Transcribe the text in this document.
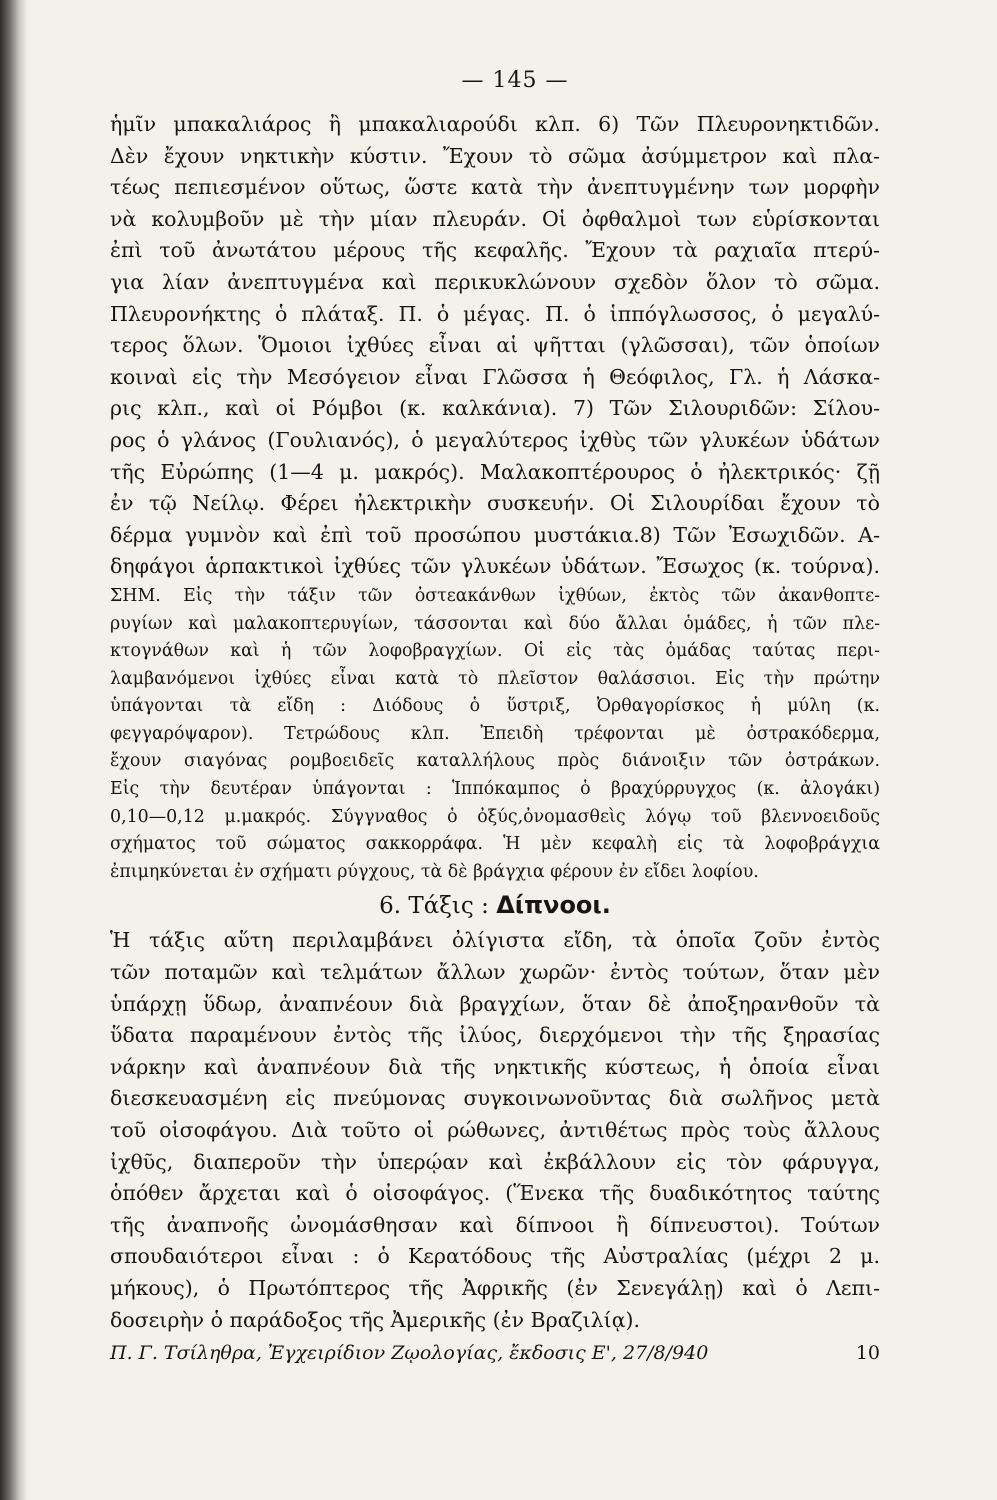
— 145 —
ἡμῖν μπακαλιάρος ἢ μπακαλιαρούδι κλπ. 6) Τῶν Πλευρονηκτιδῶν.
Δὲν ἔχουν νηκτικὴν κύστιν. Ἔχουν τὸ σῶμα ἀσύμμετρον καὶ πλα-
τέως πεπιεσμένον οὕτως, ὥστε κατὰ τὴν ἀνεπτυγμένην των μορφὴν
νὰ κολυμβοῦν μὲ τὴν μίαν πλευράν. Οἱ ὀφθαλμοὶ των εὑρίσκονται
ἐπὶ τοῦ ἀνωτάτου μέρους τῆς κεφαλῆς. Ἔχουν τὰ ραχιαῖα πτερύ-
για λίαν ἀνεπτυγμένα καὶ περικυκλώνουν σχεδὸν ὅλον τὸ σῶμα.
Πλευρονήκτης ὁ πλάταξ. Π. ὁ μέγας. Π. ὁ ἱππόγλωσσος, ὁ μεγαλύ-
τερος ὅλων. Ὅμοιοι ἰχθύες εἶναι αἱ ψῆτται (γλῶσσαι), τῶν ὁποίων
κοιναὶ εἰς τὴν Μεσόγειον εἶναι Γλῶσσα ἡ Θεόφιλος, Γλ. ἡ Λάσκα-
ρις κλπ., καὶ οἱ Ρόμβοι (κ. καλκάνια). 7) Τῶν Σιλουριδῶν: Σίλου-
ρος ὁ γλάνος (Γουλιανός), ὁ μεγαλύτερος ἰχθὺς τῶν γλυκέων ὑδάτων
τῆς Εὐρώπης (1—4 μ. μακρός). Μαλακοπτέρουρος ὁ ἠλεκτρικός· ζῇ
ἐν τῷ Νείλῳ. Φέρει ἠλεκτρικὴν συσκευήν. Οἱ Σιλουρίδαι ἔχουν τὸ
δέρμα γυμνὸν καὶ ἐπὶ τοῦ προσώπου μυστάκια.8) Τῶν Ἐσωχιδῶν. Α-
δηφάγοι ἁρπακτικοὶ ἰχθύες τῶν γλυκέων ὑδάτων. Ἔσωχος (κ. τούρνα).
ΣΗΜ. Εἰς τὴν τάξιν τῶν ὀστεακάνθων ἰχθύων, ἐκτὸς τῶν ἀκανθοπτε-
ρυγίων καὶ μαλακοπτερυγίων, τάσσονται καὶ δύο ἄλλαι ὁμάδες, ἡ τῶν πλε-
κτογνάθων καὶ ἡ τῶν λοφοβραγχίων. Οἱ εἰς τὰς ὁμάδας ταύτας περι-
λαμβανόμενοι ἰχθύες εἶναι κατὰ τὸ πλεῖστον θαλάσσιοι. Εἰς τὴν πρώτην
ὑπάγονται τὰ εἴδη : Διόδους ὁ ὕστριξ, Ὀρθαγορίσκος ἡ μύλη (κ.
φεγγαρόψαρον). Τετρώδους κλπ. Ἐπειδὴ τρέφονται μὲ ὀστρακόδερμα,
ἔχουν σιαγόνας ρομβοειδεῖς καταλλήλους πρὸς διάνοιξιν τῶν ὀστράκων.
Εἰς τὴν δευτέραν ὑπάγονται : Ἱππόκαμπος ὁ βραχύρρυγχος (κ. ἀλογάκι)
0,10—0,12 μ.μακρός. Σύγγναθος ὁ ὀξύς,ὀνομασθεὶς λόγῳ τοῦ βλεννοειδοῦς
σχήματος τοῦ σώματος σακκορράφα. Ἡ μὲν κεφαλὴ εἰς τὰ λοφοβράγχια
ἐπιμηκύνεται ἐν σχήματι ρύγχους, τὰ δὲ βράγχια φέρουν ἐν εἴδει λοφίου.
6. Τάξις : Δίπνοοι.
Ἡ τάξις αὕτη περιλαμβάνει ὀλίγιστα εἴδη, τὰ ὁποῖα ζοῦν ἐντὸς
τῶν ποταμῶν καὶ τελμάτων ἄλλων χωρῶν· ἐντὸς τούτων, ὅταν μὲν
ὑπάρχῃ ὕδωρ, ἀναπνέουν διὰ βραγχίων, ὅταν δὲ ἀποξηρανθοῦν τὰ
ὕδατα παραμένουν ἐντὸς τῆς ἰλύος, διερχόμενοι τὴν τῆς ξηρασίας
νάρκην καὶ ἀναπνέουν διὰ τῆς νηκτικῆς κύστεως, ἡ ὁποία εἶναι
διεσκευασμένη εἰς πνεύμονας συγκοινωνοῦντας διὰ σωλῆνος μετὰ
τοῦ οἰσοφάγου. Διὰ τοῦτο οἱ ρώθωνες, ἀντιθέτως πρὸς τοὺς ἄλλους
ἰχθῦς, διαπεροῦν τὴν ὑπερῴαν καὶ ἐκβάλλουν εἰς τὸν φάρυγγα,
ὁπόθεν ἄρχεται καὶ ὁ οἰσοφάγος. (Ἕνεκα τῆς δυαδικότητος ταύτης
τῆς ἀναπνοῆς ὠνομάσθησαν καὶ δίπνοοι ἢ δίπνευστοι). Τούτων
σπουδαιότεροι εἶναι : ὁ Κερατόδους τῆς Αὐστραλίας (μέχρι 2 μ.
μήκους), ὁ Πρωτόπτερος τῆς Ἀφρικῆς (ἐν Σενεγάλῃ) καὶ ὁ Λεπι-
δοσειρὴν ὁ παράδοξος τῆς Ἀμερικῆς (ἐν Βραζιλίᾳ).
Π. Γ. Τσίληθρα, Ἐγχειρίδιον Ζῳολογίας, ἔκδοσις Ε', 27/8/940	10
